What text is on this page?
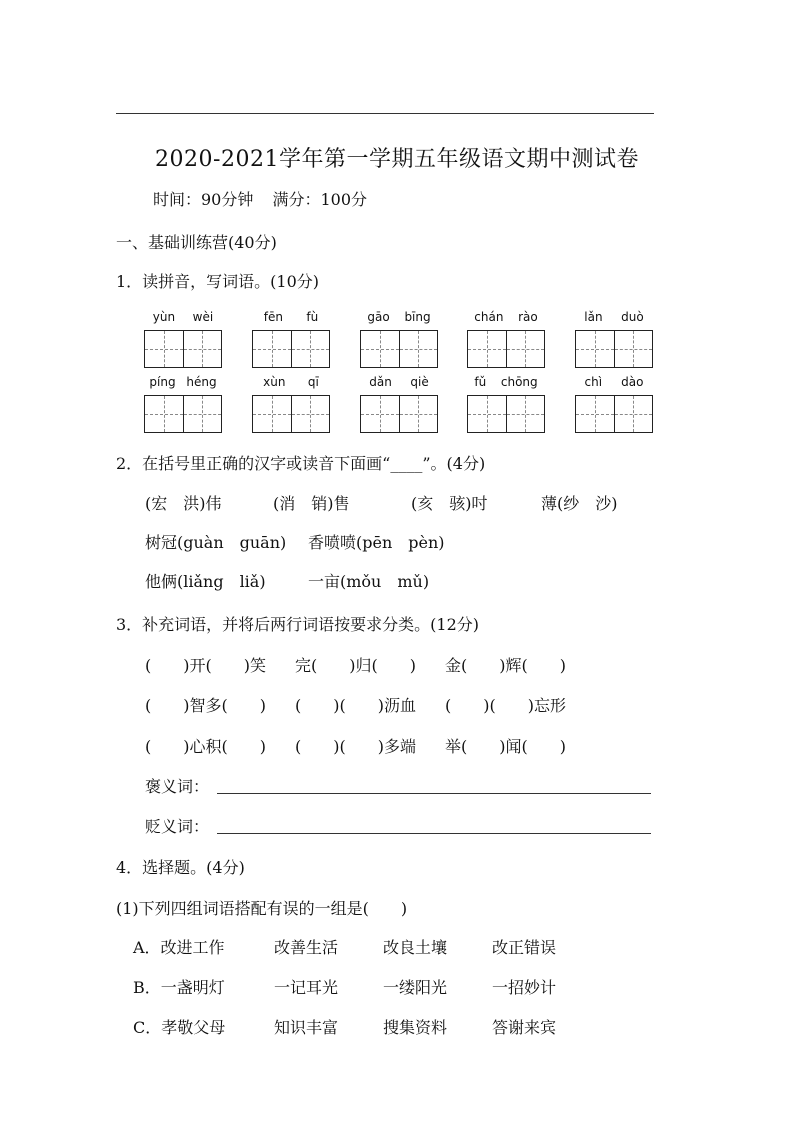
2020-2021学年第一学期五年级语文期中测试卷
时间：90分钟 满分：100分
一、基础训练营(40分)
1．读拼音，写词语。(10分)
yùn wèi	fēn fù	gāo bīng	chán rào	lǎn duò
píng héng	xùn qī	dǎn qiè	fǔ chōng	chì dào
2．在括号里正确的汉字或读音下面画“____”。(4分)
(宏　洪)伟	(消　销)售	(亥　骇)吋	薄(纱　沙)
树冠(guàn　guān) 香喷喷(pēn　pèn)
他俩(liǎng　liǎ)	一亩(mǒu　mǔ)
3．补充词语，并将后两行词语按要求分类。(12分)
(　　)开(　　)笑 完(　　)归(　　) 金(　　)辉(　　)
(　　)智多(　　) (　　)(　　)沥血 (　　)(　　)忘形
(　　)心积(　　) (　　)(　　)多端 举(　　)闻(　　)
褒义词：
贬义词：
4．选择题。(4分)
(1)下列四组词语搭配有误的一组是(　　)
A．改进工作	改善生活	改良土壤	改正错误
B．一盏明灯	一记耳光	一缕阳光	一招妙计
C．孝敬父母	知识丰富	搜集资料	答谢来宾
